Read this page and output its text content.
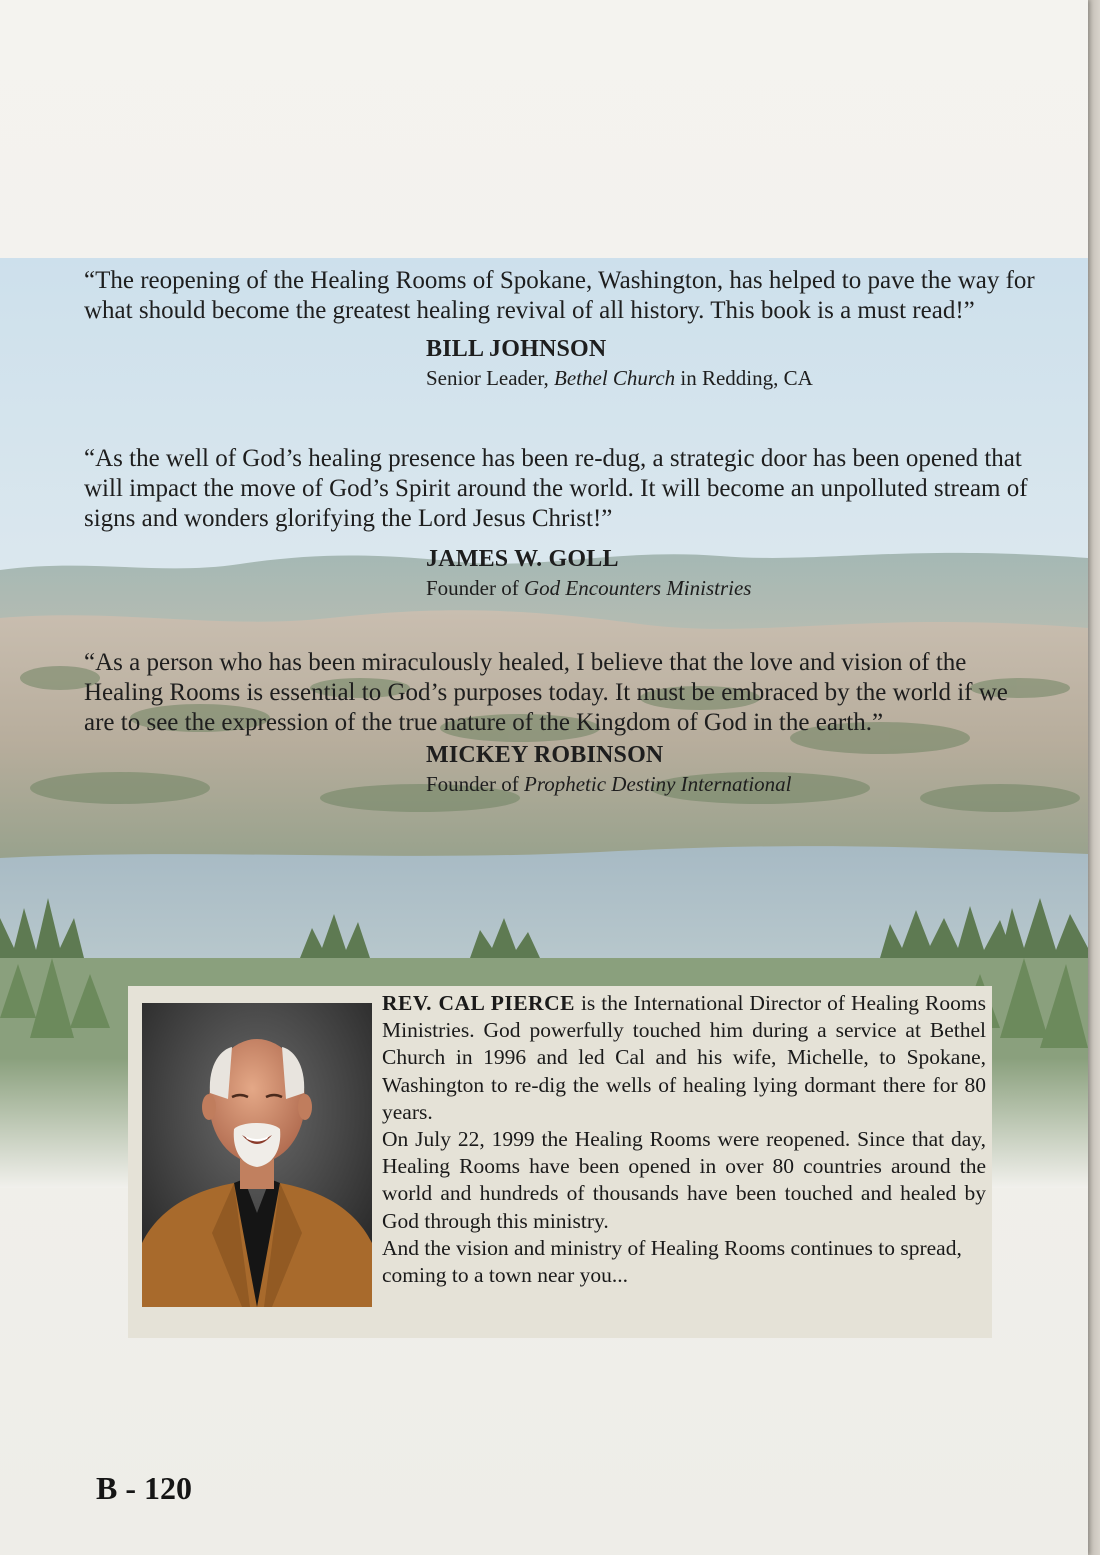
“The reopening of the Healing Rooms of Spokane, Washington, has helped to pave the way for what should become the greatest healing revival of all history. This book is a must read!”

BILL JOHNSON
Senior Leader, Bethel Church in Redding, CA

“As the well of God’s healing presence has been re-dug, a strategic door has been opened that will impact the move of God’s Spirit around the world. It will become an unpolluted stream of signs and wonders glorifying the Lord Jesus Christ!”

JAMES W. GOLL
Founder of God Encounters Ministries

“As a person who has been miraculously healed, I believe that the love and vision of the Healing Rooms is essential to God’s purposes today. It must be embraced by the world if we are to see the expression of the true nature of the Kingdom of God in the earth.”

MICKEY ROBINSON
Founder of Prophetic Destiny International

REV. CAL PIERCE is the International Director of Healing Rooms Ministries. God powerfully touched him during a service at Bethel Church in 1996 and led Cal and his wife, Michelle, to Spokane, Washington to re-dig the wells of healing lying dormant there for 80 years.

On July 22, 1999 the Healing Rooms were reopened. Since that day, Healing Rooms have been opened in over 80 countries around the world and hundreds of thousands have been touched and healed by God through this ministry.

And the vision and ministry of Healing Rooms continues to spread, coming to a town near you...

B - 120
